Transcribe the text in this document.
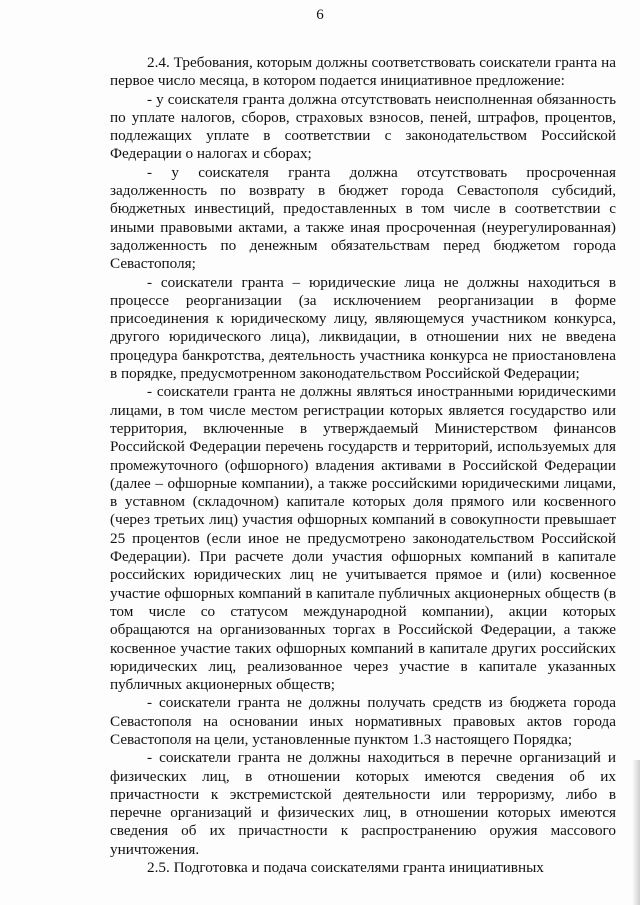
6

2.4. Требования, которым должны соответствовать соискатели гранта на первое число месяца, в котором подается инициативное предложение:

- у соискателя гранта должна отсутствовать неисполненная обязанность по уплате налогов, сборов, страховых взносов, пеней, штрафов, процентов, подлежащих уплате в соответствии с законодательством Российской Федерации о налогах и сборах;

- у соискателя гранта должна отсутствовать просроченная задолженность по возврату в бюджет города Севастополя субсидий, бюджетных инвестиций, предоставленных в том числе в соответствии с иными правовыми актами, а также иная просроченная (неурегулированная) задолженность по денежным обязательствам перед бюджетом города Севастополя;

- соискатели гранта – юридические лица не должны находиться в процессе реорганизации (за исключением реорганизации в форме присоединения к юридическому лицу, являющемуся участником конкурса, другого юридического лица), ликвидации, в отношении них не введена процедура банкротства, деятельность участника конкурса не приостановлена в порядке, предусмотренном законодательством Российской Федерации;

- соискатели гранта не должны являться иностранными юридическими лицами, в том числе местом регистрации которых является государство или территория, включенные в утверждаемый Министерством финансов Российской Федерации перечень государств и территорий, используемых для промежуточного (офшорного) владения активами в Российской Федерации (далее – офшорные компании), а также российскими юридическими лицами, в уставном (складочном) капитале которых доля прямого или косвенного (через третьих лиц) участия офшорных компаний в совокупности превышает 25 процентов (если иное не предусмотрено законодательством Российской Федерации). При расчете доли участия офшорных компаний в капитале российских юридических лиц не учитывается прямое и (или) косвенное участие офшорных компаний в капитале публичных акционерных обществ (в том числе со статусом международной компании), акции которых обращаются на организованных торгах в Российской Федерации, а также косвенное участие таких офшорных компаний в капитале других российских юридических лиц, реализованное через участие в капитале указанных публичных акционерных обществ;

- соискатели гранта не должны получать средств из бюджета города Севастополя на основании иных нормативных правовых актов города Севастополя на цели, установленные пунктом 1.3 настоящего Порядка;

- соискатели гранта не должны находиться в перечне организаций и физических лиц, в отношении которых имеются сведения об их причастности к экстремистской деятельности или терроризму, либо в перечне организаций и физических лиц, в отношении которых имеются сведения об их причастности к распространению оружия массового уничтожения.

2.5. Подготовка и подача соискателями гранта инициативных
